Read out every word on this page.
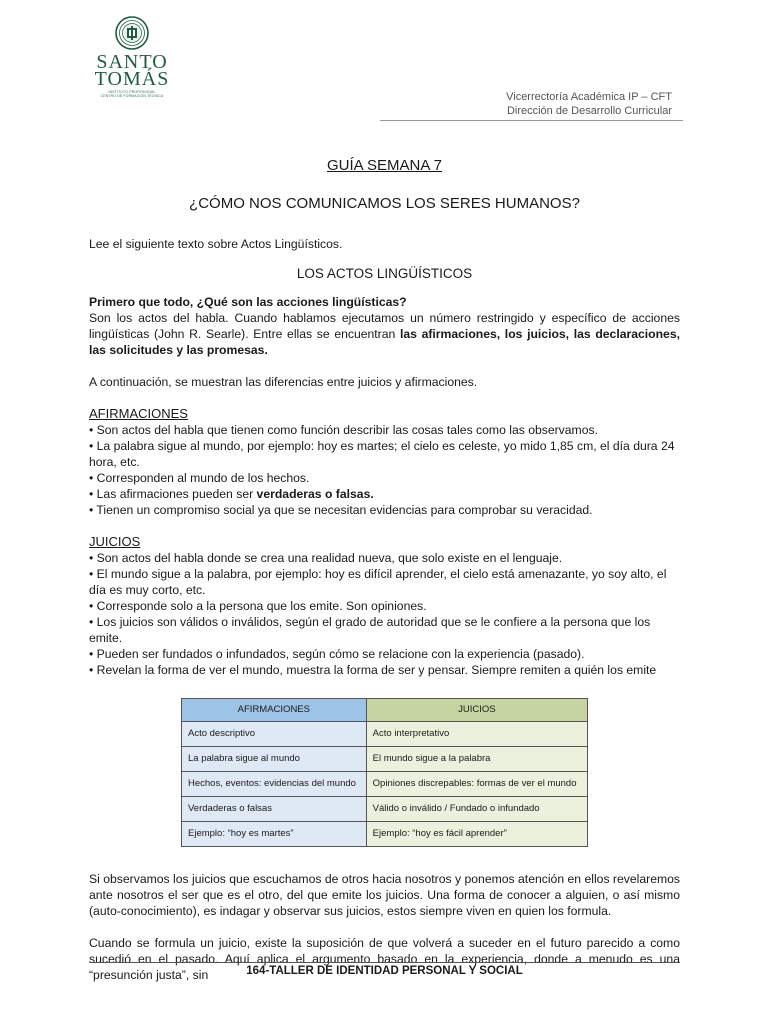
SANTO
TOMÁS
INSTITUTO PROFESIONAL
CENTRO DE FORMACIÓN TÉCNICA	Vicerrectoría Académica IP – CFT
Dirección de Desarrollo Curricular
GUÍA SEMANA 7
¿CÓMO NOS COMUNICAMOS LOS SERES HUMANOS?
Lee el siguiente texto sobre Actos Lingüísticos.
LOS ACTOS LINGÜÍSTICOS
Primero que todo, ¿Qué son las acciones lingüísticas?
Son los actos del habla. Cuando hablamos ejecutamos un número restringido y específico de acciones lingüísticas (John R. Searle). Entre ellas se encuentran las afirmaciones, los juicios, las declaraciones, las solicitudes y las promesas.
A continuación, se muestran las diferencias entre juicios y afirmaciones.
AFIRMACIONES

• Son actos del habla que tienen como función describir las cosas tales como las observamos.

• La palabra sigue al mundo, por ejemplo: hoy es martes; el cielo es celeste, yo mido 1,85 cm, el día dura 24 hora, etc.

• Corresponden al mundo de los hechos.

• Las afirmaciones pueden ser verdaderas o falsas.

• Tienen un compromiso social ya que se necesitan evidencias para comprobar su veracidad.

JUICIOS

• Son actos del habla donde se crea una realidad nueva, que solo existe en el lenguaje.

• El mundo sigue a la palabra, por ejemplo: hoy es difícil aprender, el cielo está amenazante, yo soy alto, el día es muy corto, etc.

• Corresponde solo a la persona que los emite. Son opiniones.

• Los juicios son válidos o inválidos, según el grado de autoridad que se le confiere a la persona que los emite.

• Pueden ser fundados o infundados, según cómo se relacione con la experiencia (pasado).

• Revelan la forma de ver el mundo, muestra la forma de ser y pensar. Siempre remiten a quién los emite

AFIRMACIONES	JUICIOS
Acto descriptivo	Acto interpretativo
La palabra sigue al mundo	El mundo sigue a la palabra
Hechos, eventos: evidencias del mundo	Opiniones discrepables: formas de ver el mundo
Verdaderas o falsas	Válido o inválido / Fundado o infundado
Ejemplo: “hoy es martes”	Ejemplo: “hoy es fácil aprender”
Si observamos los juicios que escuchamos de otros hacia nosotros y ponemos atención en ellos revelaremos ante nosotros el ser que es el otro, del que emite los juicios. Una forma de conocer a alguien, o así mismo (auto-conocimiento), es indagar y observar sus juicios, estos siempre viven en quien los formula.
Cuando se formula un juicio, existe la suposición de que volverá a suceder en el futuro parecido a como sucedió en el pasado. Aquí aplica el argumento basado en la experiencia, donde a menudo es una “presunción justa”, sin	164-TALLER DE IDENTIDAD PERSONAL Y SOCIAL
